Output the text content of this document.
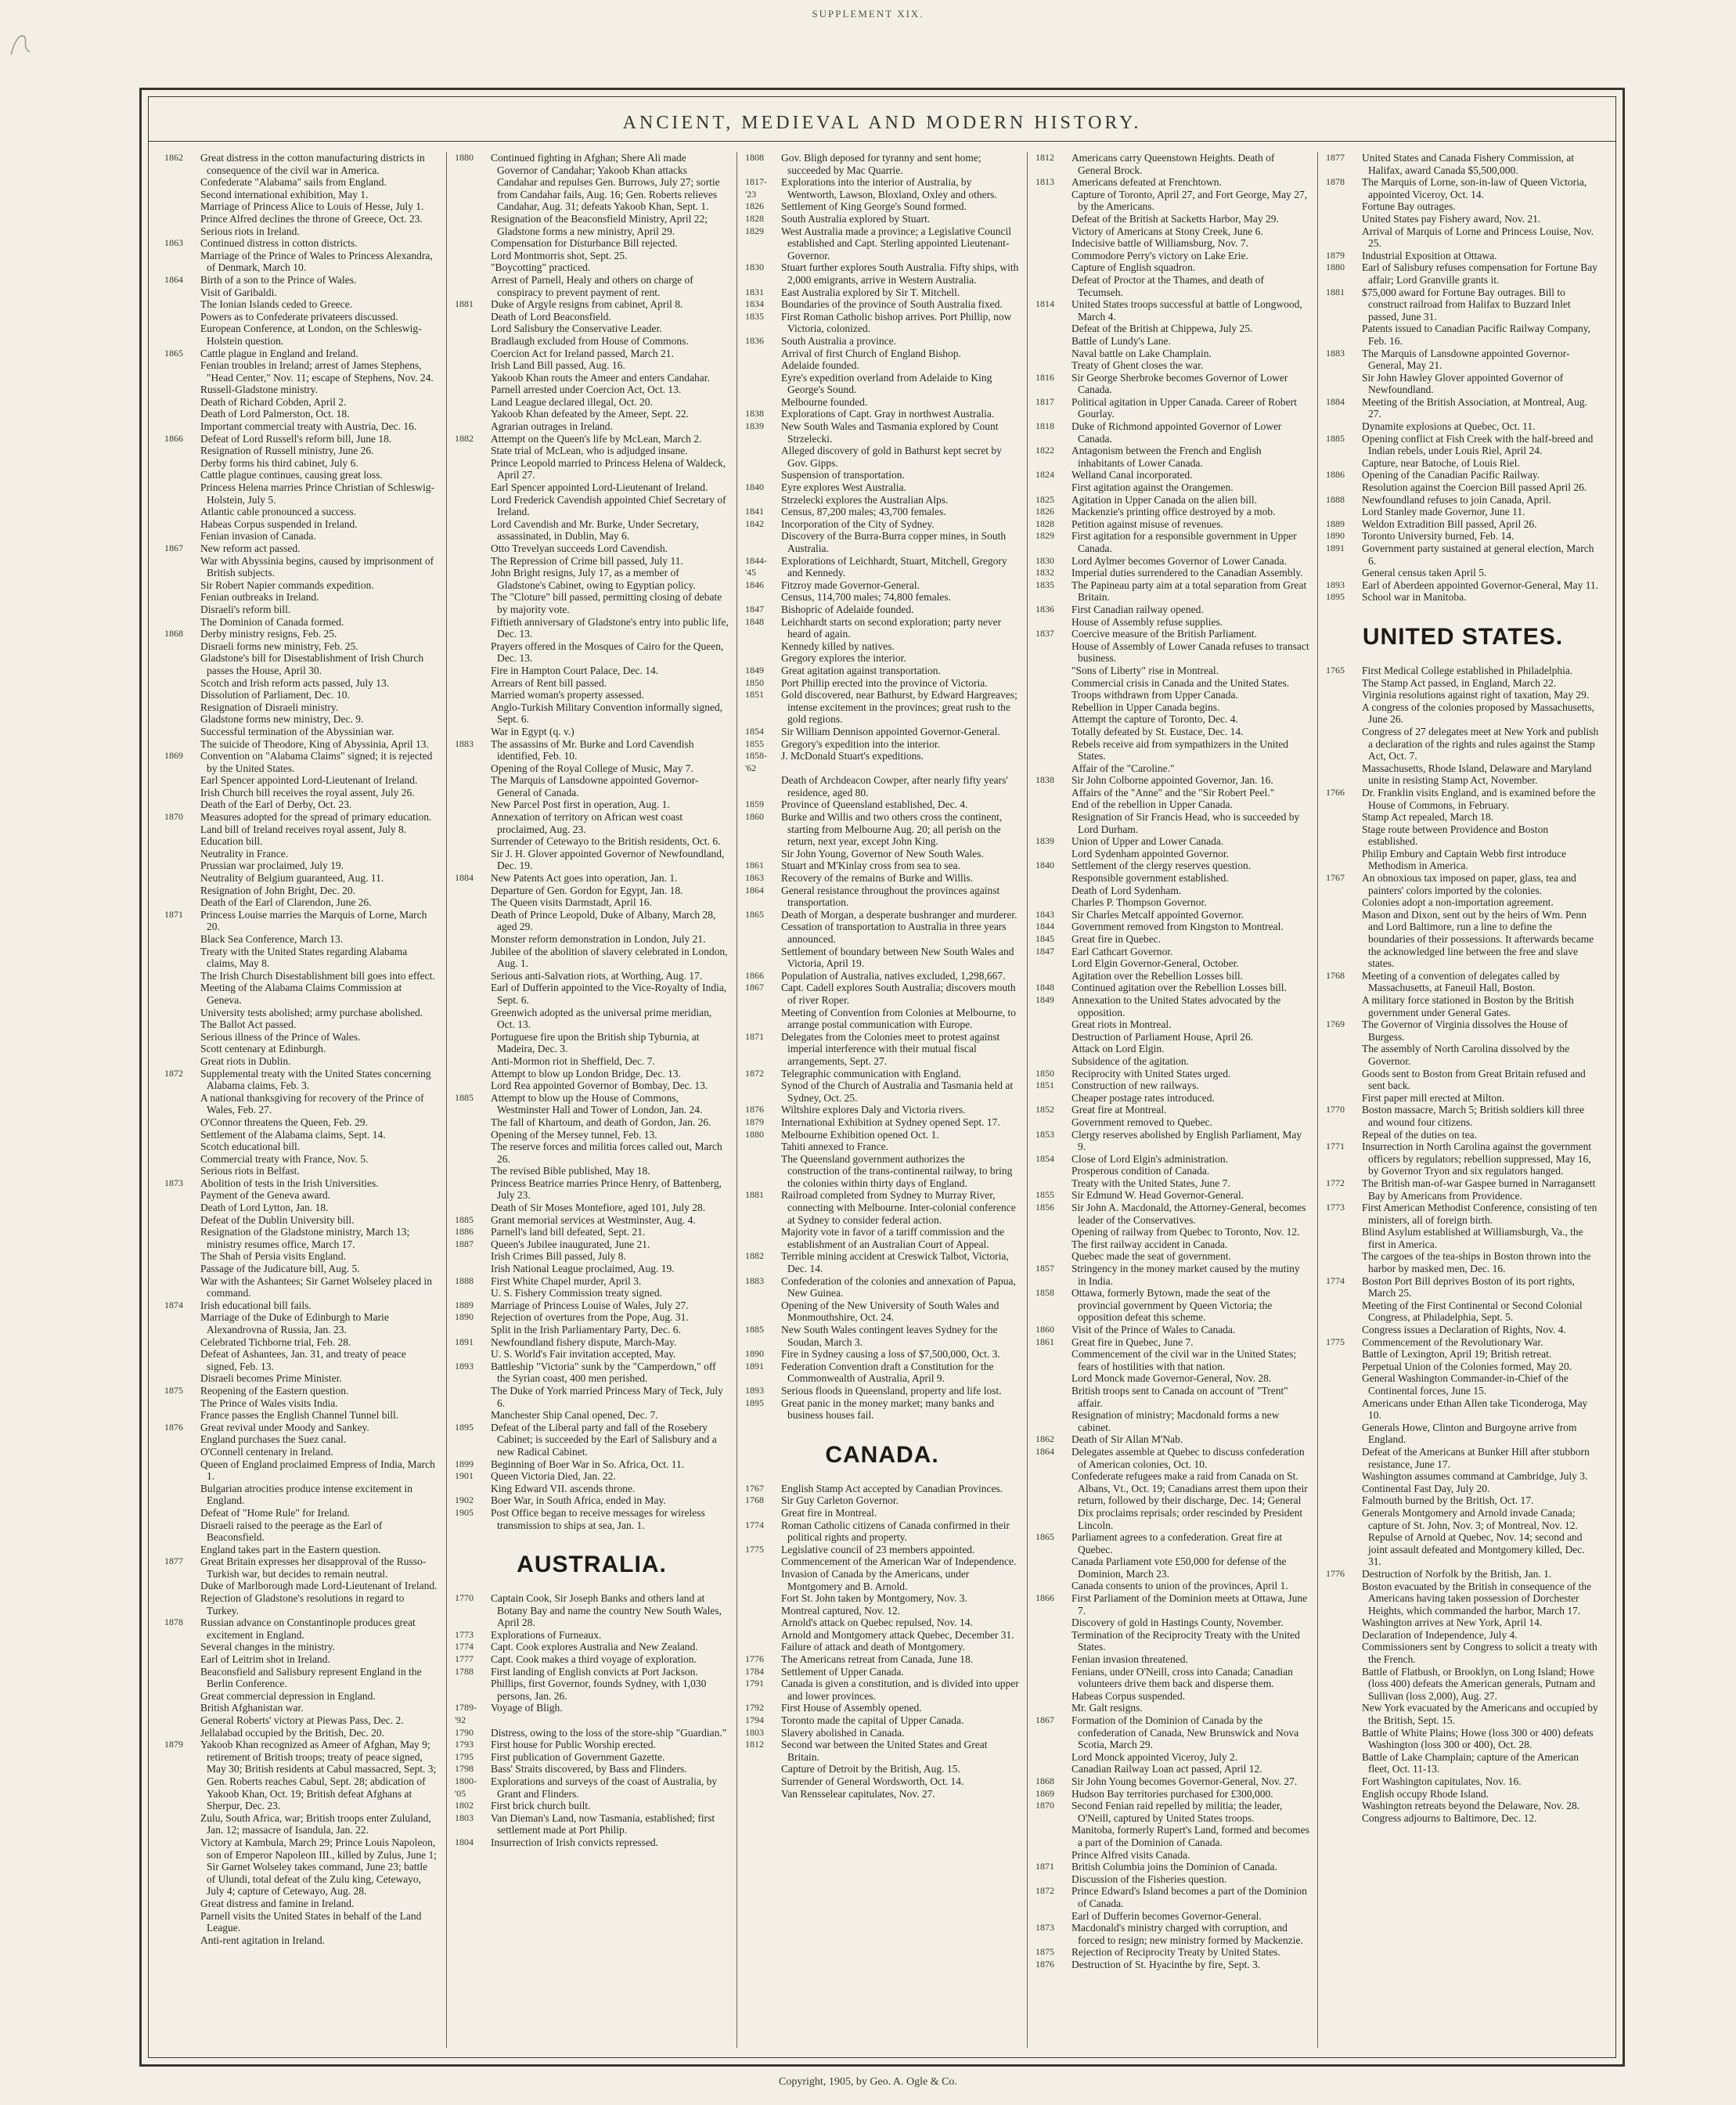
SUPPLEMENT XIX.
ANCIENT, MEDIEVAL AND MODERN HISTORY.
1862	Great distress in the cotton manufacturing districts in consequence of the civil war in America.
Confederate "Alabama" sails from England.
Second international exhibition, May 1.
Marriage of Princess Alice to Louis of Hesse, July 1.
Prince Alfred declines the throne of Greece, Oct. 23.
Serious riots in Ireland.
1863	Continued distress in cotton districts.
Marriage of the Prince of Wales to Princess Alexandra, of Denmark, March 10.
1864	Birth of a son to the Prince of Wales.
Visit of Garibaldi.
The Ionian Islands ceded to Greece.
Powers as to Confederate privateers discussed.
European Conference, at London, on the Schleswig-Holstein question.
1865	Cattle plague in England and Ireland.
Fenian troubles in Ireland; arrest of James Stephens, "Head Center," Nov. 11; escape of Stephens, Nov. 24.
Russell-Gladstone ministry.
Death of Richard Cobden, April 2.
Death of Lord Palmerston, Oct. 18.
Important commercial treaty with Austria, Dec. 16.
1866	Defeat of Lord Russell's reform bill, June 18.
Resignation of Russell ministry, June 26.
Derby forms his third cabinet, July 6.
Cattle plague continues, causing great loss.
Princess Helena marries Prince Christian of Schleswig-Holstein, July 5.
Atlantic cable pronounced a success.
Habeas Corpus suspended in Ireland.
Fenian invasion of Canada.
1867	New reform act passed.
War with Abyssinia begins, caused by imprisonment of British subjects.
Sir Robert Napier commands expedition.
Fenian outbreaks in Ireland.
Disraeli's reform bill.
The Dominion of Canada formed.
1868	Derby ministry resigns, Feb. 25.
Disraeli forms new ministry, Feb. 25.
Gladstone's bill for Disestablishment of Irish Church passes the House, April 30.
Scotch and Irish reform acts passed, July 13.
Dissolution of Parliament, Dec. 10.
Resignation of Disraeli ministry.
Gladstone forms new ministry, Dec. 9.
Successful termination of the Abyssinian war.
The suicide of Theodore, King of Abyssinia, April 13.
1869	Convention on "Alabama Claims" signed; it is rejected by the United States.
Earl Spencer appointed Lord-Lieutenant of Ireland.
Irish Church bill receives the royal assent, July 26.
Death of the Earl of Derby, Oct. 23.
1870	Measures adopted for the spread of primary education.
Land bill of Ireland receives royal assent, July 8.
Education bill.
Neutrality in France.
Prussian war proclaimed, July 19.
Neutrality of Belgium guaranteed, Aug. 11.
Resignation of John Bright, Dec. 20.
Death of the Earl of Clarendon, June 26.
1871	Princess Louise marries the Marquis of Lorne, March 20.
Black Sea Conference, March 13.
Treaty with the United States regarding Alabama claims, May 8.
The Irish Church Disestablishment bill goes into effect.
Meeting of the Alabama Claims Commission at Geneva.
University tests abolished; army purchase abolished.
The Ballot Act passed.
Serious illness of the Prince of Wales.
Scott centenary at Edinburgh.
Great riots in Dublin.
1872	Supplemental treaty with the United States concerning Alabama claims, Feb. 3.
A national thanksgiving for recovery of the Prince of Wales, Feb. 27.
O'Connor threatens the Queen, Feb. 29.
Settlement of the Alabama claims, Sept. 14.
Scotch educational bill.
Commercial treaty with France, Nov. 5.
Serious riots in Belfast.
1873	Abolition of tests in the Irish Universities.
Payment of the Geneva award.
Death of Lord Lytton, Jan. 18.
Defeat of the Dublin University bill.
Resignation of the Gladstone ministry, March 13; ministry resumes office, March 17.
The Shah of Persia visits England.
Passage of the Judicature bill, Aug. 5.
War with the Ashantees; Sir Garnet Wolseley placed in command.
1874	Irish educational bill fails.
Marriage of the Duke of Edinburgh to Marie Alexandrovna of Russia, Jan. 23.
Celebrated Tichborne trial, Feb. 28.
Defeat of Ashantees, Jan. 31, and treaty of peace signed, Feb. 13.
Disraeli becomes Prime Minister.
1875	Reopening of the Eastern question.
The Prince of Wales visits India.
France passes the English Channel Tunnel bill.
1876	Great revival under Moody and Sankey.
England purchases the Suez canal.
O'Connell centenary in Ireland.
Queen of England proclaimed Empress of India, March 1.
Bulgarian atrocities produce intense excitement in England.
Defeat of "Home Rule" for Ireland.
Disraeli raised to the peerage as the Earl of Beaconsfield.
England takes part in the Eastern question.
1877	Great Britain expresses her disapproval of the Russo-Turkish war, but decides to remain neutral.
Duke of Marlborough made Lord-Lieutenant of Ireland.
Rejection of Gladstone's resolutions in regard to Turkey.
1878	Russian advance on Constantinople produces great excitement in England.
Several changes in the ministry.
Earl of Leitrim shot in Ireland.
Beaconsfield and Salisbury represent England in the Berlin Conference.
Great commercial depression in England.
British Afghanistan war.
General Roberts' victory at Piewas Pass, Dec. 2.
Jellalabad occupied by the British, Dec. 20.
1879	Yakoob Khan recognized as Ameer of Afghan, May 9; retirement of British troops; treaty of peace signed, May 30; British residents at Cabul massacred, Sept. 3; Gen. Roberts reaches Cabul, Sept. 28; abdication of Yakoob Khan, Oct. 19; British defeat Afghans at Sherpur, Dec. 23.
Zulu, South Africa, war; British troops enter Zululand, Jan. 12; massacre of Isandula, Jan. 22.
Victory at Kambula, March 29; Prince Louis Napoleon, son of Emperor Napoleon III., killed by Zulus, June 1; Sir Garnet Wolseley takes command, June 23; battle of Ulundi, total defeat of the Zulu king, Cetewayo, July 4; capture of Cetewayo, Aug. 28.
Great distress and famine in Ireland.
Parnell visits the United States in behalf of the Land League.
Anti-rent agitation in Ireland.
1880	Continued fighting in Afghan; Shere Ali made Governor of Candahar; Yakoob Khan attacks Candahar and repulses Gen. Burrows, July 27; sortie from Candahar fails, Aug. 16; Gen. Roberts relieves Candahar, Aug. 31; defeats Yakoob Khan, Sept. 1.
Resignation of the Beaconsfield Ministry, April 22; Gladstone forms a new ministry, April 29.
Compensation for Disturbance Bill rejected.
Lord Montmorris shot, Sept. 25.
"Boycotting" practiced.
Arrest of Parnell, Healy and others on charge of conspiracy to prevent payment of rent.
1881	Duke of Argyle resigns from cabinet, April 8.
Death of Lord Beaconsfield.
Lord Salisbury the Conservative Leader.
Bradlaugh excluded from House of Commons.
Coercion Act for Ireland passed, March 21.
Irish Land Bill passed, Aug. 16.
Yakoob Khan routs the Ameer and enters Candahar.
Parnell arrested under Coercion Act, Oct. 13.
Land League declared illegal, Oct. 20.
Yakoob Khan defeated by the Ameer, Sept. 22.
Agrarian outrages in Ireland.
1882	Attempt on the Queen's life by McLean, March 2.
State trial of McLean, who is adjudged insane.
Prince Leopold married to Princess Helena of Waldeck, April 27.
Earl Spencer appointed Lord-Lieutenant of Ireland.
Lord Frederick Cavendish appointed Chief Secretary of Ireland.
Lord Cavendish and Mr. Burke, Under Secretary, assassinated, in Dublin, May 6.
Otto Trevelyan succeeds Lord Cavendish.
The Repression of Crime bill passed, July 11.
John Bright resigns, July 17, as a member of Gladstone's Cabinet, owing to Egyptian policy.
The "Cloture" bill passed, permitting closing of debate by majority vote.
Fiftieth anniversary of Gladstone's entry into public life, Dec. 13.
Prayers offered in the Mosques of Cairo for the Queen, Dec. 13.
Fire in Hampton Court Palace, Dec. 14.
Arrears of Rent bill passed.
Married woman's property assessed.
Anglo-Turkish Military Convention informally signed, Sept. 6.
War in Egypt (q. v.)
1883	The assassins of Mr. Burke and Lord Cavendish identified, Feb. 10.
Opening of the Royal College of Music, May 7.
The Marquis of Lansdowne appointed Governor-General of Canada.
New Parcel Post first in operation, Aug. 1.
Annexation of territory on African west coast proclaimed, Aug. 23.
Surrender of Cetewayo to the British residents, Oct. 6.
Sir J. H. Glover appointed Governor of Newfoundland, Dec. 19.
1884	New Patents Act goes into operation, Jan. 1.
Departure of Gen. Gordon for Egypt, Jan. 18.
The Queen visits Darmstadt, April 16.
Death of Prince Leopold, Duke of Albany, March 28, aged 29.
Monster reform demonstration in London, July 21.
Jubilee of the abolition of slavery celebrated in London, Aug. 1.
Serious anti-Salvation riots, at Worthing, Aug. 17.
Earl of Dufferin appointed to the Vice-Royalty of India, Sept. 6.
Greenwich adopted as the universal prime meridian, Oct. 13.
Portuguese fire upon the British ship Tyburnia, at Madeira, Dec. 3.
Anti-Mormon riot in Sheffield, Dec. 7.
Attempt to blow up London Bridge, Dec. 13.
Lord Rea appointed Governor of Bombay, Dec. 13.
1885	Attempt to blow up the House of Commons, Westminster Hall and Tower of London, Jan. 24.
The fall of Khartoum, and death of Gordon, Jan. 26.
Opening of the Mersey tunnel, Feb. 13.
The reserve forces and militia forces called out, March 26.
The revised Bible published, May 18.
Princess Beatrice marries Prince Henry, of Battenberg, July 23.
Death of Sir Moses Montefiore, aged 101, July 28.
1885	Grant memorial services at Westminster, Aug. 4.
1886	Parnell's land bill defeated, Sept. 21.
1887	Queen's Jubilee inaugurated, June 21.
Irish Crimes Bill passed, July 8.
Irish National League proclaimed, Aug. 19.
1888	First White Chapel murder, April 3.
U. S. Fishery Commission treaty signed.
1889	Marriage of Princess Louise of Wales, July 27.
1890	Rejection of overtures from the Pope, Aug. 31.
Split in the Irish Parliamentary Party, Dec. 6.
1891	Newfoundland fishery dispute, March-May.
U. S. World's Fair invitation accepted, May.
1893	Battleship "Victoria" sunk by the "Camperdown," off the Syrian coast, 400 men perished.
The Duke of York married Princess Mary of Teck, July 6.
Manchester Ship Canal opened, Dec. 7.
1895	Defeat of the Liberal party and fall of the Rosebery Cabinet; is succeeded by the Earl of Salisbury and a new Radical Cabinet.
1899	Beginning of Boer War in So. Africa, Oct. 11.
1901	Queen Victoria Died, Jan. 22.
King Edward VII. ascends throne.
1902	Boer War, in South Africa, ended in May.
1905	Post Office began to receive messages for wireless transmission to ships at sea, Jan. 1.
AUSTRALIA.
1770	Captain Cook, Sir Joseph Banks and others land at Botany Bay and name the country New South Wales, April 28.
1773	Explorations of Furneaux.
1774	Capt. Cook explores Australia and New Zealand.
1777	Capt. Cook makes a third voyage of exploration.
1788	First landing of English convicts at Port Jackson.
Phillips, first Governor, founds Sydney, with 1,030 persons, Jan. 26.
1789-'92
Voyage of Bligh.
1790	Distress, owing to the loss of the store-ship "Guardian."
1793	First house for Public Worship erected.
1795	First publication of Government Gazette.
1798	Bass' Straits discovered, by Bass and Flinders.
1800-'05
Explorations and surveys of the coast of Australia, by Grant and Flinders.
1802	First brick church built.
1803	Van Dieman's Land, now Tasmania, established; first settlement made at Port Philip.
1804	Insurrection of Irish convicts repressed.
1808	Gov. Bligh deposed for tyranny and sent home; succeeded by Mac Quarrie.
1817-'23
Explorations into the interior of Australia, by Wentworth, Lawson, Bloxland, Oxley and others.
1826	Settlement of King George's Sound formed.
1828	South Australia explored by Stuart.
1829	West Australia made a province; a Legislative Council established and Capt. Sterling appointed Lieutenant-Governor.
1830	Stuart further explores South Australia. Fifty ships, with 2,000 emigrants, arrive in Western Australia.
1831	East Australia explored by Sir T. Mitchell.
1834	Boundaries of the province of South Australia fixed.
1835	First Roman Catholic bishop arrives. Port Phillip, now Victoria, colonized.
1836	South Australia a province.
Arrival of first Church of England Bishop.
Adelaide founded.
Eyre's expedition overland from Adelaide to King George's Sound.
Melbourne founded.
1838	Explorations of Capt. Gray in northwest Australia.
1839	New South Wales and Tasmania explored by Count Strzelecki.
Alleged discovery of gold in Bathurst kept secret by Gov. Gipps.
Suspension of transportation.
1840	Eyre explores West Australia.
Strzelecki explores the Australian Alps.
1841	Census, 87,200 males; 43,700 females.
1842	Incorporation of the City of Sydney.
Discovery of the Burra-Burra copper mines, in South Australia.
1844-'45
Explorations of Leichhardt, Stuart, Mitchell, Gregory and Kennedy.
1846	Fitzroy made Governor-General.
Census, 114,700 males; 74,800 females.
1847	Bishopric of Adelaide founded.
1848	Leichhardt starts on second exploration; party never heard of again.
Kennedy killed by natives.
Gregory explores the interior.
1849	Great agitation against transportation.
1850	Port Phillip erected into the province of Victoria.
1851	Gold discovered, near Bathurst, by Edward Hargreaves; intense excitement in the provinces; great rush to the gold regions.
1854	Sir William Dennison appointed Governor-General.
1855	Gregory's expedition into the interior.
1858-'62
J. McDonald Stuart's expeditions.
Death of Archdeacon Cowper, after nearly fifty years' residence, aged 80.
1859	Province of Queensland established, Dec. 4.
1860	Burke and Willis and two others cross the continent, starting from Melbourne Aug. 20; all perish on the return, next year, except John King.
Sir John Young, Governor of New South Wales.
1861	Stuart and M'Kinlay cross from sea to sea.
1863	Recovery of the remains of Burke and Willis.
1864	General resistance throughout the provinces against transportation.
1865	Death of Morgan, a desperate bushranger and murderer.
Cessation of transportation to Australia in three years announced.
Settlement of boundary between New South Wales and Victoria, April 19.
1866	Population of Australia, natives excluded, 1,298,667.
1867	Capt. Cadell explores South Australia; discovers mouth of river Roper.
Meeting of Convention from Colonies at Melbourne, to arrange postal communication with Europe.
1871	Delegates from the Colonies meet to protest against imperial interference with their mutual fiscal arrangements, Sept. 27.
1872	Telegraphic communication with England.
Synod of the Church of Australia and Tasmania held at Sydney, Oct. 25.
1876	Wiltshire explores Daly and Victoria rivers.
1879	International Exhibition at Sydney opened Sept. 17.
1880	Melbourne Exhibition opened Oct. 1.
Tahiti annexed to France.
The Queensland government authorizes the construction of the trans-continental railway, to bring the colonies within thirty days of England.
1881	Railroad completed from Sydney to Murray River, connecting with Melbourne. Inter-colonial conference at Sydney to consider federal action.
Majority vote in favor of a tariff commission and the establishment of an Australian Court of Appeal.
1882	Terrible mining accident at Creswick Talbot, Victoria, Dec. 14.
1883	Confederation of the colonies and annexation of Papua, New Guinea.
Opening of the New University of South Wales and Monmouthshire, Oct. 24.
1885	New South Wales contingent leaves Sydney for the Soudan, March 3.
1890	Fire in Sydney causing a loss of $7,500,000, Oct. 3.
1891	Federation Convention draft a Constitution for the Commonwealth of Australia, April 9.
1893	Serious floods in Queensland, property and life lost.
1895	Great panic in the money market; many banks and business houses fail.
CANADA.
1767	English Stamp Act accepted by Canadian Provinces.
1768	Sir Guy Carleton Governor.
Great fire in Montreal.
1774	Roman Catholic citizens of Canada confirmed in their political rights and property.
1775	Legislative council of 23 members appointed.
Commencement of the American War of Independence.
Invasion of Canada by the Americans, under Montgomery and B. Arnold.
Fort St. John taken by Montgomery, Nov. 3.
Montreal captured, Nov. 12.
Arnold's attack on Quebec repulsed, Nov. 14.
Arnold and Montgomery attack Quebec, December 31.
Failure of attack and death of Montgomery.
1776	The Americans retreat from Canada, June 18.
1784	Settlement of Upper Canada.
1791	Canada is given a constitution, and is divided into upper and lower provinces.
1792	First House of Assembly opened.
1794	Toronto made the capital of Upper Canada.
1803	Slavery abolished in Canada.
1812	Second war between the United States and Great Britain.
Capture of Detroit by the British, Aug. 15.
Surrender of General Wordsworth, Oct. 14.
Van Rensselear capitulates, Nov. 27.
1812	Americans carry Queenstown Heights. Death of General Brock.
1813	Americans defeated at Frenchtown.
Capture of Toronto, April 27, and Fort George, May 27, by the Americans.
Defeat of the British at Sacketts Harbor, May 29.
Victory of Americans at Stony Creek, June 6.
Indecisive battle of Williamsburg, Nov. 7.
Commodore Perry's victory on Lake Erie.
Capture of English squadron.
Defeat of Proctor at the Thames, and death of Tecumseh.
1814	United States troops successful at battle of Longwood, March 4.
Defeat of the British at Chippewa, July 25.
Battle of Lundy's Lane.
Naval battle on Lake Champlain.
Treaty of Ghent closes the war.
1816	Sir George Sherbroke becomes Governor of Lower Canada.
1817	Political agitation in Upper Canada. Career of Robert Gourlay.
1818	Duke of Richmond appointed Governor of Lower Canada.
1822	Antagonism between the French and English inhabitants of Lower Canada.
1824	Welland Canal incorporated.
First agitation against the Orangemen.
1825	Agitation in Upper Canada on the alien bill.
1826	Mackenzie's printing office destroyed by a mob.
1828	Petition against misuse of revenues.
1829	First agitation for a responsible government in Upper Canada.
1830	Lord Aylmer becomes Governor of Lower Canada.
1832	Imperial duties surrendered to the Canadian Assembly.
1835	The Papineau party aim at a total separation from Great Britain.
1836	First Canadian railway opened.
House of Assembly refuse supplies.
1837	Coercive measure of the British Parliament.
House of Assembly of Lower Canada refuses to transact business.
"Sons of Liberty" rise in Montreal.
Commercial crisis in Canada and the United States.
Troops withdrawn from Upper Canada.
Rebellion in Upper Canada begins.
Attempt the capture of Toronto, Dec. 4.
Totally defeated by St. Eustace, Dec. 14.
Rebels receive aid from sympathizers in the United States.
Affair of the "Caroline."
1838	Sir John Colborne appointed Governor, Jan. 16.
Affairs of the "Anne" and the "Sir Robert Peel."
End of the rebellion in Upper Canada.
Resignation of Sir Francis Head, who is succeeded by Lord Durham.
1839	Union of Upper and Lower Canada.
Lord Sydenham appointed Governor.
1840	Settlement of the clergy reserves question.
Responsible government established.
Death of Lord Sydenham.
Charles P. Thompson Governor.
1843	Sir Charles Metcalf appointed Governor.
1844	Government removed from Kingston to Montreal.
1845	Great fire in Quebec.
1847	Earl Cathcart Governor.
Lord Elgin Governor-General, October.
Agitation over the Rebellion Losses bill.
1848	Continued agitation over the Rebellion Losses bill.
1849	Annexation to the United States advocated by the opposition.
Great riots in Montreal.
Destruction of Parliament House, April 26.
Attack on Lord Elgin.
Subsidence of the agitation.
1850	Reciprocity with United States urged.
1851	Construction of new railways.
Cheaper postage rates introduced.
1852	Great fire at Montreal.
Government removed to Quebec.
1853	Clergy reserves abolished by English Parliament, May 9.
1854	Close of Lord Elgin's administration.
Prosperous condition of Canada.
Treaty with the United States, June 7.
1855	Sir Edmund W. Head Governor-General.
1856	Sir John A. Macdonald, the Attorney-General, becomes leader of the Conservatives.
Opening of railway from Quebec to Toronto, Nov. 12.
The first railway accident in Canada.
Quebec made the seat of government.
1857	Stringency in the money market caused by the mutiny in India.
1858	Ottawa, formerly Bytown, made the seat of the provincial government by Queen Victoria; the opposition defeat this scheme.
1860	Visit of the Prince of Wales to Canada.
1861	Great fire in Quebec, June 7.
Commencement of the civil war in the United States; fears of hostilities with that nation.
Lord Monck made Governor-General, Nov. 28.
British troops sent to Canada on account of "Trent" affair.
Resignation of ministry; Macdonald forms a new cabinet.
1862	Death of Sir Allan M'Nab.
1864	Delegates assemble at Quebec to discuss confederation of American colonies, Oct. 10.
Confederate refugees make a raid from Canada on St. Albans, Vt., Oct. 19; Canadians arrest them upon their return, followed by their discharge, Dec. 14; General Dix proclaims reprisals; order rescinded by President Lincoln.
1865	Parliament agrees to a confederation. Great fire at Quebec.
Canada Parliament vote £50,000 for defense of the Dominion, March 23.
Canada consents to union of the provinces, April 1.
1866	First Parliament of the Dominion meets at Ottawa, June 7.
Discovery of gold in Hastings County, November.
Termination of the Reciprocity Treaty with the United States.
Fenian invasion threatened.
Fenians, under O'Neill, cross into Canada; Canadian volunteers drive them back and disperse them.
Habeas Corpus suspended.
Mr. Galt resigns.
1867	Formation of the Dominion of Canada by the confederation of Canada, New Brunswick and Nova Scotia, March 29.
Lord Monck appointed Viceroy, July 2.
Canadian Railway Loan act passed, April 12.
1868	Sir John Young becomes Governor-General, Nov. 27.
1869	Hudson Bay territories purchased for £300,000.
1870	Second Fenian raid repelled by militia; the leader, O'Neill, captured by United States troops.
Manitoba, formerly Rupert's Land, formed and becomes a part of the Dominion of Canada.
Prince Alfred visits Canada.
1871	British Columbia joins the Dominion of Canada.
Discussion of the Fisheries question.
1872	Prince Edward's Island becomes a part of the Dominion of Canada.
Earl of Dufferin becomes Governor-General.
1873	Macdonald's ministry charged with corruption, and forced to resign; new ministry formed by Mackenzie.
1875	Rejection of Reciprocity Treaty by United States.
1876	Destruction of St. Hyacinthe by fire, Sept. 3.
1877	United States and Canada Fishery Commission, at Halifax, award Canada $5,500,000.
1878	The Marquis of Lorne, son-in-law of Queen Victoria, appointed Viceroy, Oct. 14.
Fortune Bay outrages.
United States pay Fishery award, Nov. 21.
Arrival of Marquis of Lorne and Princess Louise, Nov. 25.
1879	Industrial Exposition at Ottawa.
1880	Earl of Salisbury refuses compensation for Fortune Bay affair; Lord Granville grants it.
1881	$75,000 award for Fortune Bay outrages. Bill to construct railroad from Halifax to Buzzard Inlet passed, June 31.
Patents issued to Canadian Pacific Railway Company, Feb. 16.
1883	The Marquis of Lansdowne appointed Governor-General, May 21.
Sir John Hawley Glover appointed Governor of Newfoundland.
1884	Meeting of the British Association, at Montreal, Aug. 27.
Dynamite explosions at Quebec, Oct. 11.
1885	Opening conflict at Fish Creek with the half-breed and Indian rebels, under Louis Riel, April 24.
Capture, near Batoche, of Louis Riel.
1886	Opening of the Canadian Pacific Railway.
Resolution against the Coercion Bill passed April 26.
1888	Newfoundland refuses to join Canada, April.
Lord Stanley made Governor, June 11.
1889	Weldon Extradition Bill passed, April 26.
1890	Toronto University burned, Feb. 14.
1891	Government party sustained at general election, March 6.
General census taken April 5.
1893	Earl of Aberdeen appointed Governor-General, May 11.
1895	School war in Manitoba.
UNITED STATES.
1765	First Medical College established in Philadelphia.
The Stamp Act passed, in England, March 22.
Virginia resolutions against right of taxation, May 29.
A congress of the colonies proposed by Massachusetts, June 26.
Congress of 27 delegates meet at New York and publish a declaration of the rights and rules against the Stamp Act, Oct. 7.
Massachusetts, Rhode Island, Delaware and Maryland unite in resisting Stamp Act, November.
1766	Dr. Franklin visits England, and is examined before the House of Commons, in February.
Stamp Act repealed, March 18.
Stage route between Providence and Boston established.
Philip Embury and Captain Webb first introduce Methodism in America.
1767	An obnoxious tax imposed on paper, glass, tea and painters' colors imported by the colonies.
Colonies adopt a non-importation agreement.
Mason and Dixon, sent out by the heirs of Wm. Penn and Lord Baltimore, run a line to define the boundaries of their possessions. It afterwards became the acknowledged line between the free and slave states.
1768	Meeting of a convention of delegates called by Massachusetts, at Faneuil Hall, Boston.
A military force stationed in Boston by the British government under General Gates.
1769	The Governor of Virginia dissolves the House of Burgess.
The assembly of North Carolina dissolved by the Governor.
Goods sent to Boston from Great Britain refused and sent back.
First paper mill erected at Milton.
1770	Boston massacre, March 5; British soldiers kill three and wound four citizens.
Repeal of the duties on tea.
1771	Insurrection in North Carolina against the government officers by regulators; rebellion suppressed, May 16, by Governor Tryon and six regulators hanged.
1772	The British man-of-war Gaspee burned in Narragansett Bay by Americans from Providence.
1773	First American Methodist Conference, consisting of ten ministers, all of foreign birth.
Blind Asylum established at Williamsburgh, Va., the first in America.
The cargoes of the tea-ships in Boston thrown into the harbor by masked men, Dec. 16.
1774	Boston Port Bill deprives Boston of its port rights, March 25.
Meeting of the First Continental or Second Colonial Congress, at Philadelphia, Sept. 5.
Congress issues a Declaration of Rights, Nov. 4.
1775	Commencement of the Revolutionary War.
Battle of Lexington, April 19; British retreat.
Perpetual Union of the Colonies formed, May 20.
General Washington Commander-in-Chief of the Continental forces, June 15.
Americans under Ethan Allen take Ticonderoga, May 10.
Generals Howe, Clinton and Burgoyne arrive from England.
Defeat of the Americans at Bunker Hill after stubborn resistance, June 17.
Washington assumes command at Cambridge, July 3.
Continental Fast Day, July 20.
Falmouth burned by the British, Oct. 17.
Generals Montgomery and Arnold invade Canada; capture of St. John, Nov. 3; of Montreal, Nov. 12. Repulse of Arnold at Quebec, Nov. 14; second and joint assault defeated and Montgomery killed, Dec. 31.
1776	Destruction of Norfolk by the British, Jan. 1.
Boston evacuated by the British in consequence of the Americans having taken possession of Dorchester Heights, which commanded the harbor, March 17.
Washington arrives at New York, April 14.
Declaration of Independence, July 4.
Commissioners sent by Congress to solicit a treaty with the French.
Battle of Flatbush, or Brooklyn, on Long Island; Howe (loss 400) defeats the American generals, Putnam and Sullivan (loss 2,000), Aug. 27.
New York evacuated by the Americans and occupied by the British, Sept. 15.
Battle of White Plains; Howe (loss 300 or 400) defeats Washington (loss 300 or 400), Oct. 28.
Battle of Lake Champlain; capture of the American fleet, Oct. 11-13.
Fort Washington capitulates, Nov. 16.
English occupy Rhode Island.
Washington retreats beyond the Delaware, Nov. 28.
Congress adjourns to Baltimore, Dec. 12.
Copyright, 1905, by Geo. A. Ogle & Co.
